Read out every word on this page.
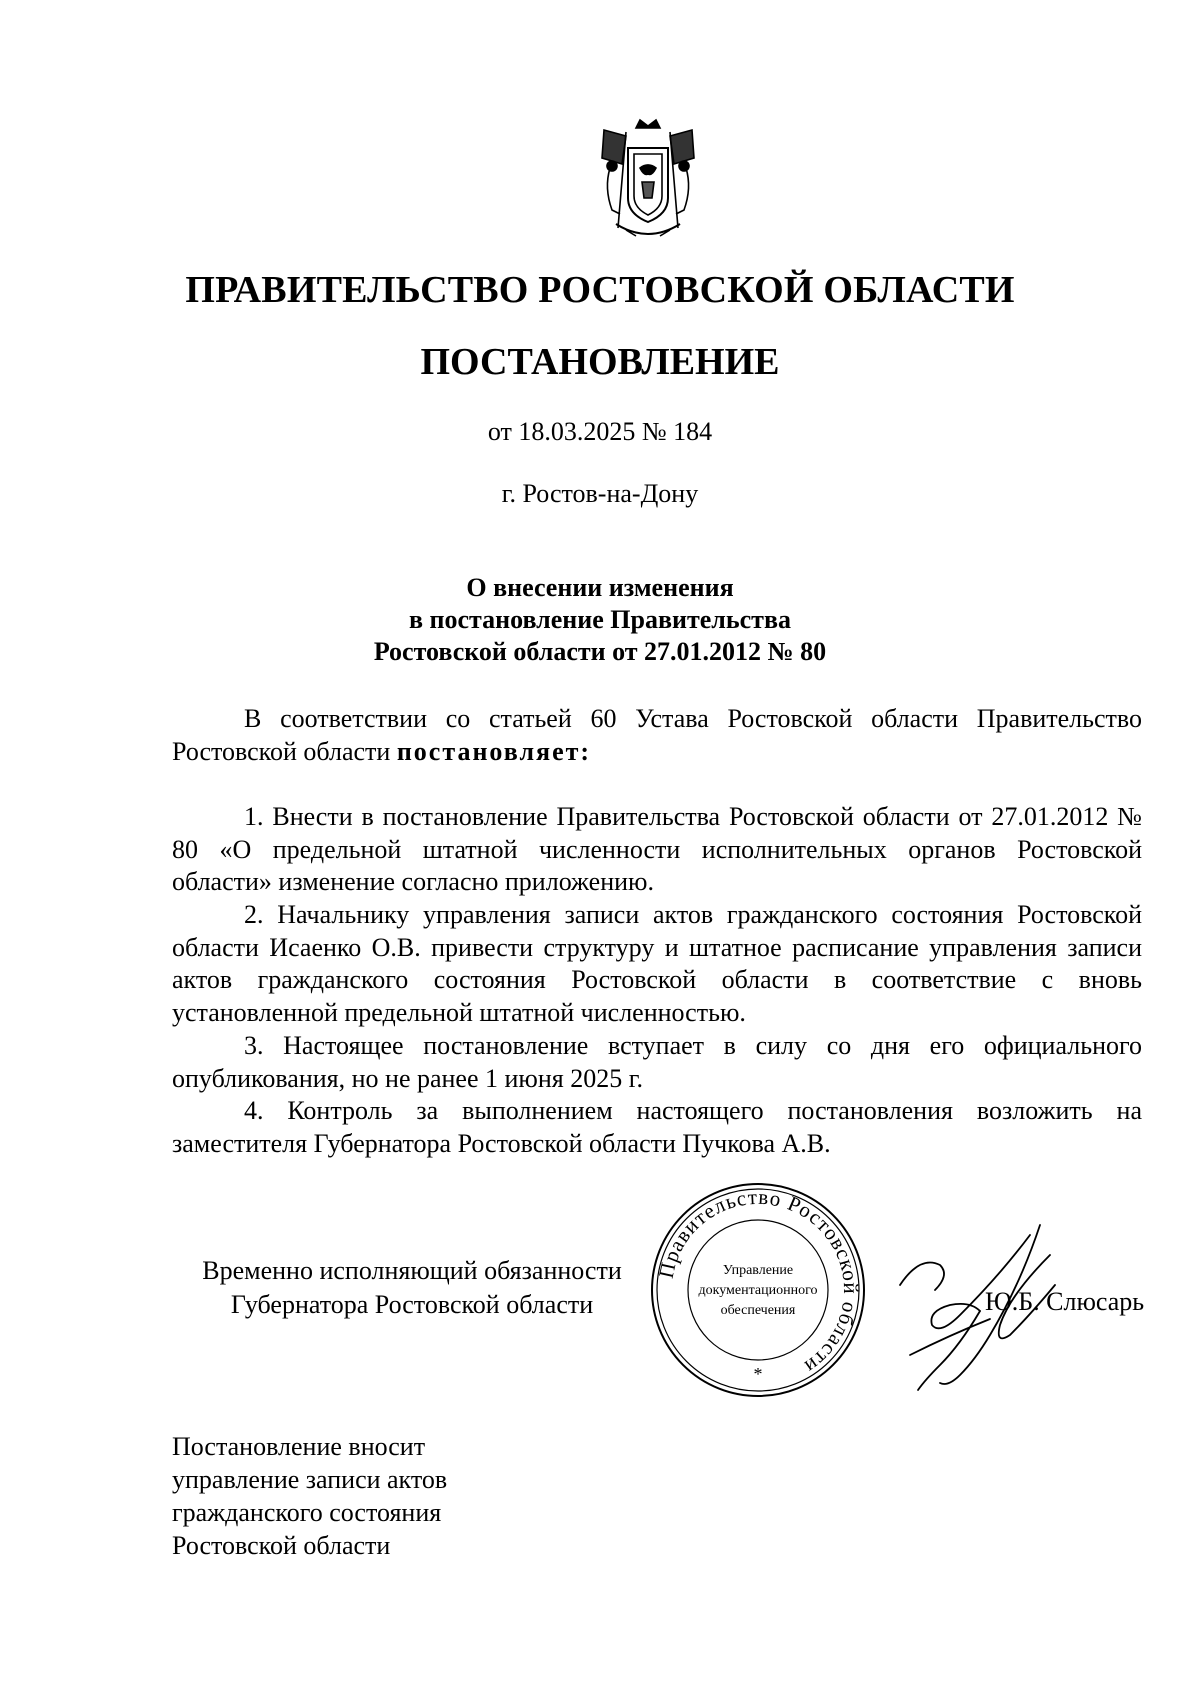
ПРАВИТЕЛЬСТВО РОСТОВСКОЙ ОБЛАСТИ
ПОСТАНОВЛЕНИЕ
от 18.03.2025 № 184
г. Ростов-на-Дону
О внесении изменения
в постановление Правительства
Ростовской области от 27.01.2012 № 80
В соответствии со статьей 60 Устава Ростовской области Правительство Ростовской области постановляет:
1. Внести в постановление Правительства Ростовской области от 27.01.2012 № 80 «О предельной штатной численности исполнительных органов Ростовской области» изменение согласно приложению.
2. Начальнику управления записи актов гражданского состояния Ростовской области Исаенко О.В. привести структуру и штатное расписание управления записи актов гражданского состояния Ростовской области в соответствие с вновь установленной предельной штатной численностью.
3. Настоящее постановление вступает в силу со дня его официального опубликования, но не ранее 1 июня 2025 г.
4. Контроль за выполнением настоящего постановления возложить на заместителя Губернатора Ростовской области Пучкова А.В.
Временно исполняющий обязанности
Губернатора Ростовской области
Правительство Ростовской области
Управление
документационного
обеспечения
*
Ю.Б. Слюсарь
Постановление вносит
управление записи актов
гражданского состояния
Ростовской области
